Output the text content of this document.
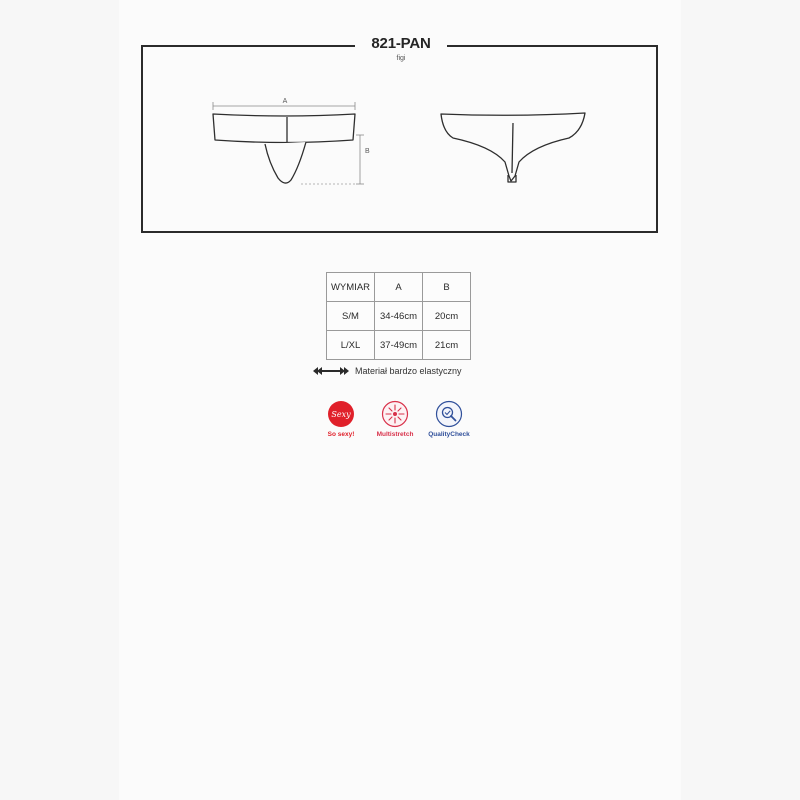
A
B
821-PAN
figi
WYMIAR	A	B
S/M	34-46cm	20cm
L/XL	37-49cm	21cm
Materiał bardzo elastyczny
Sexy
So sexy!	Multistretch	QualityCheck
